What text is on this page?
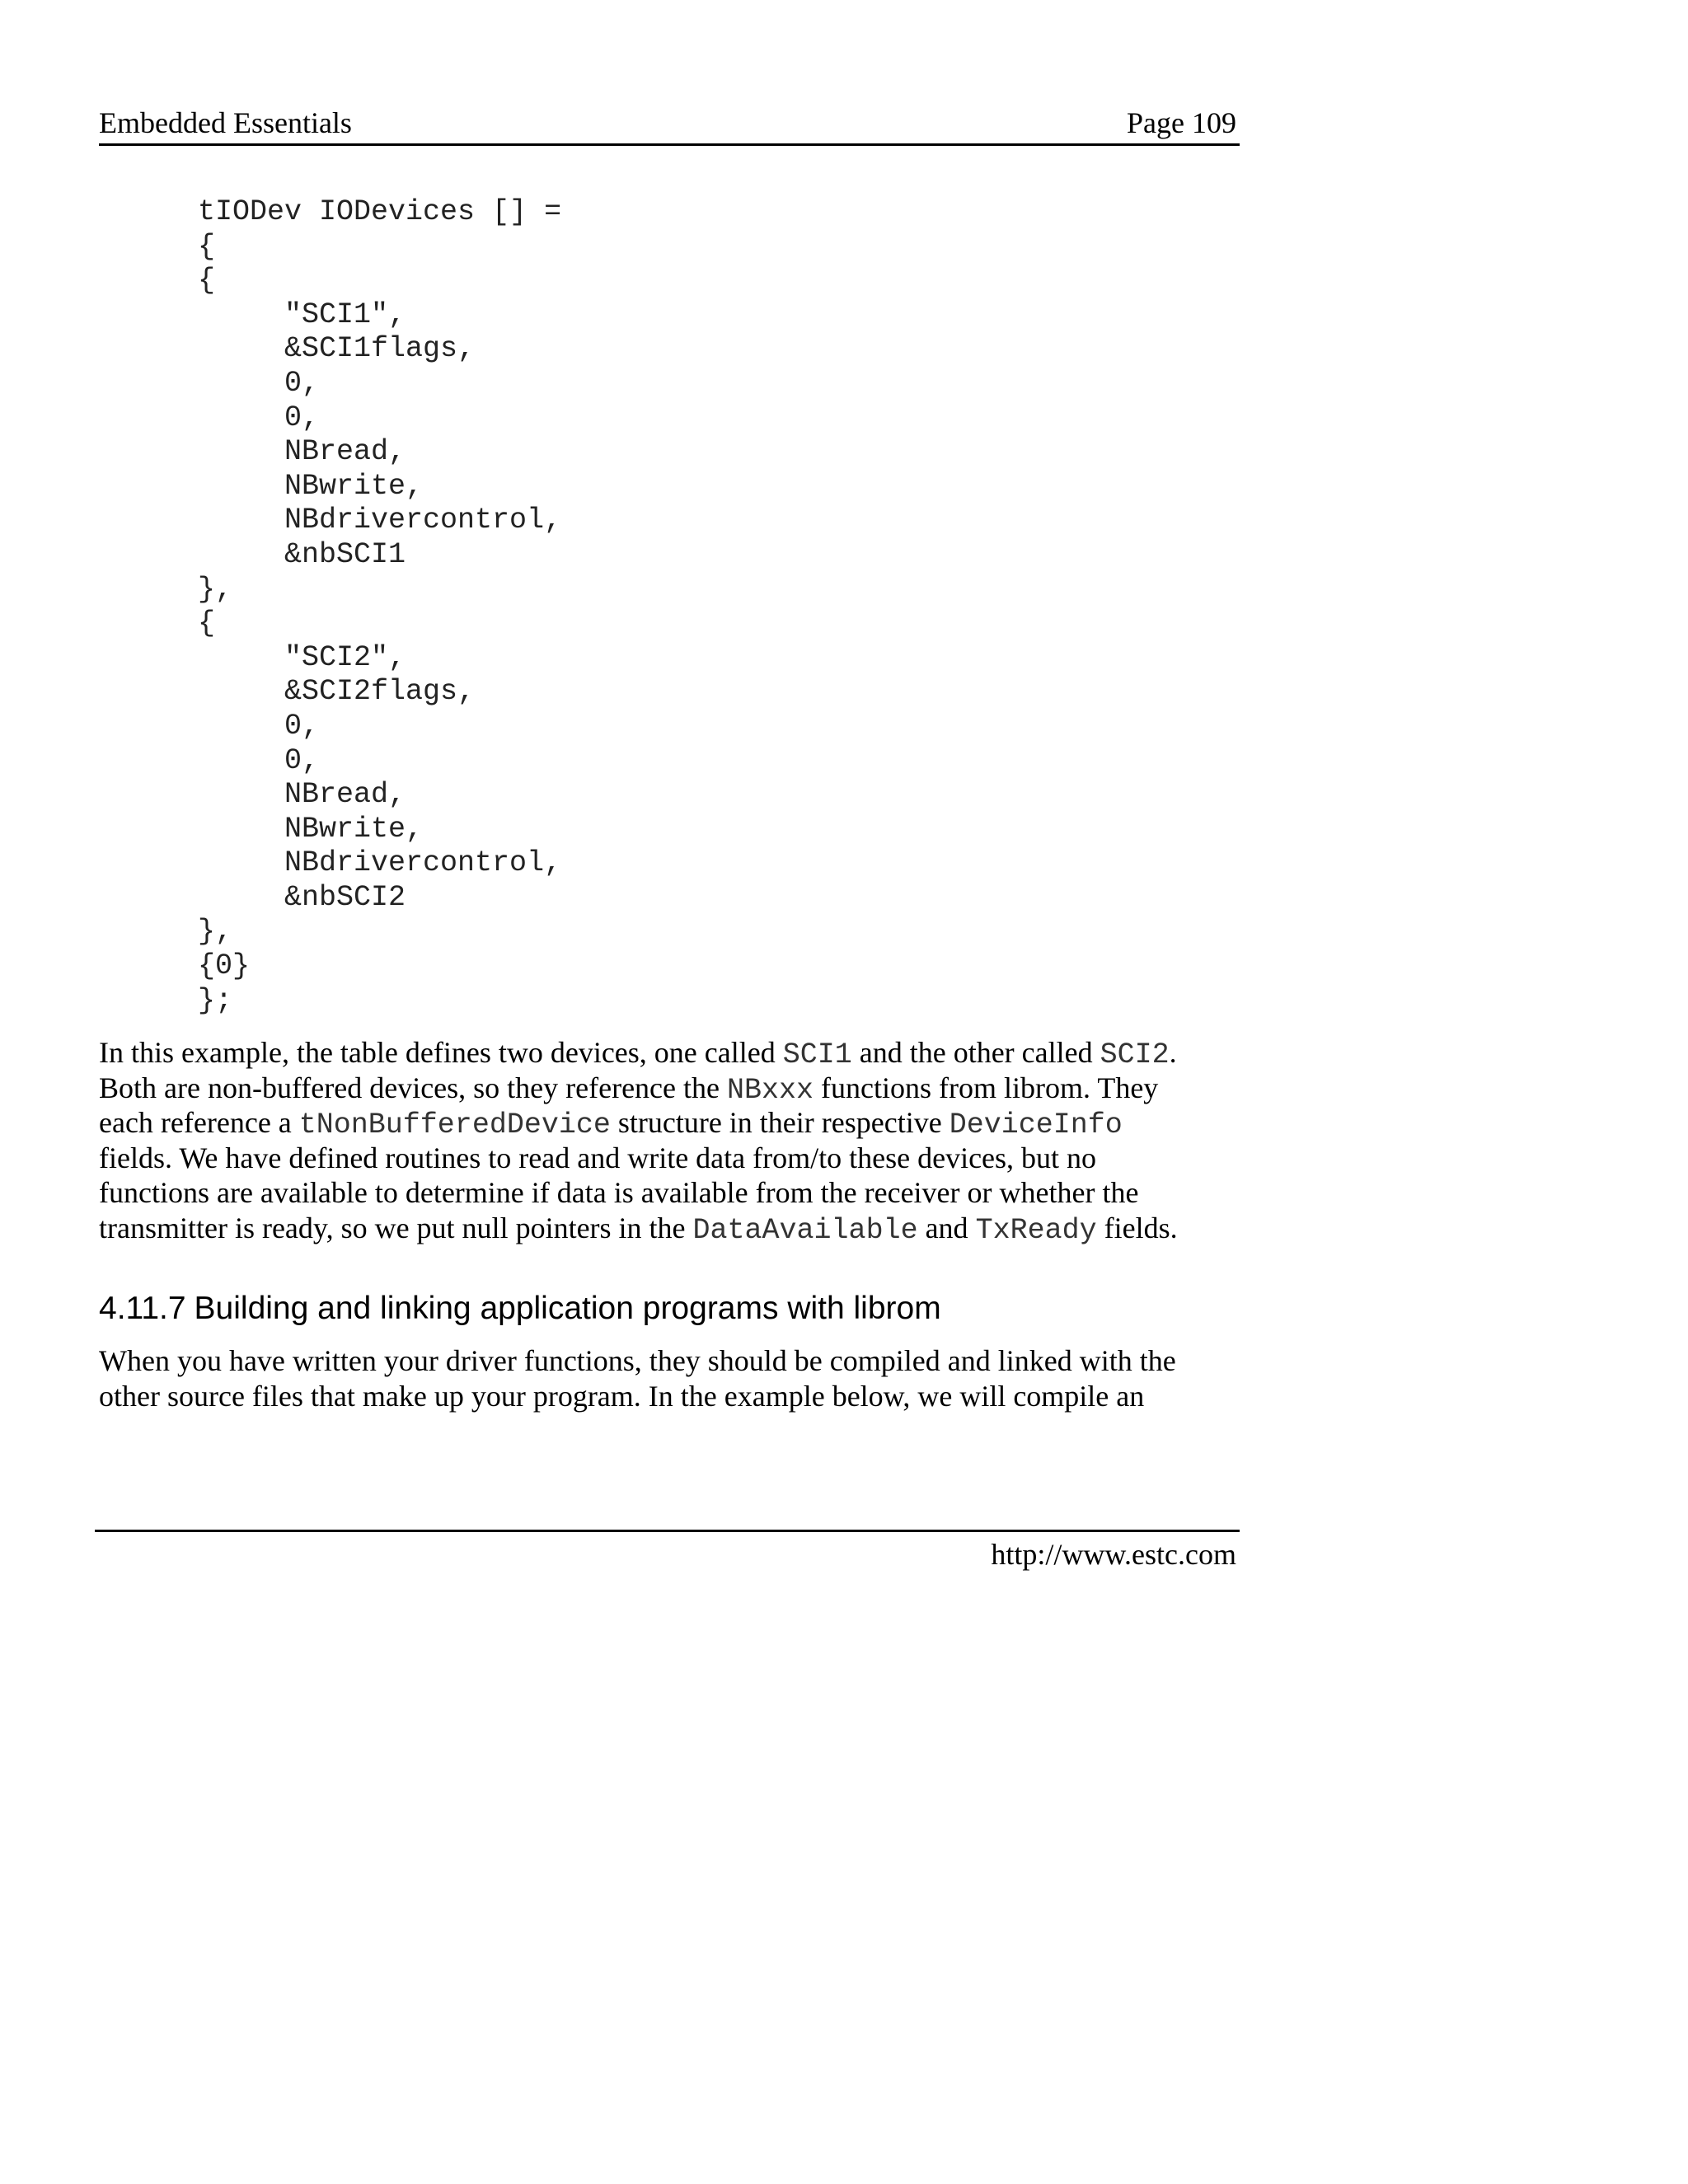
Embedded Essentials	Page 109
tIODev IODevices [] =
{
{
"SCI1",
&SCI1flags,
0,
0,
NBread,
NBwrite,
NBdrivercontrol,
&nbSCI1
},
{
"SCI2",
&SCI2flags,
0,
0,
NBread,
NBwrite,
NBdrivercontrol,
&nbSCI2
},
{0}
};
In this example, the table defines two devices, one called SCI1 and the other called SCI2.
Both are non-buffered devices, so they reference the NBxxx functions from librom. They
each reference a tNonBufferedDevice structure in their respective DeviceInfo
fields. We have defined routines to read and write data from/to these devices, but no
functions are available to determine if data is available from the receiver or whether the
transmitter is ready, so we put null pointers in the DataAvailable and TxReady fields.
4.11.7 Building and linking application programs with librom
When you have written your driver functions, they should be compiled and linked with the
other source files that make up your program. In the example below, we will compile an
http://www.estc.com
